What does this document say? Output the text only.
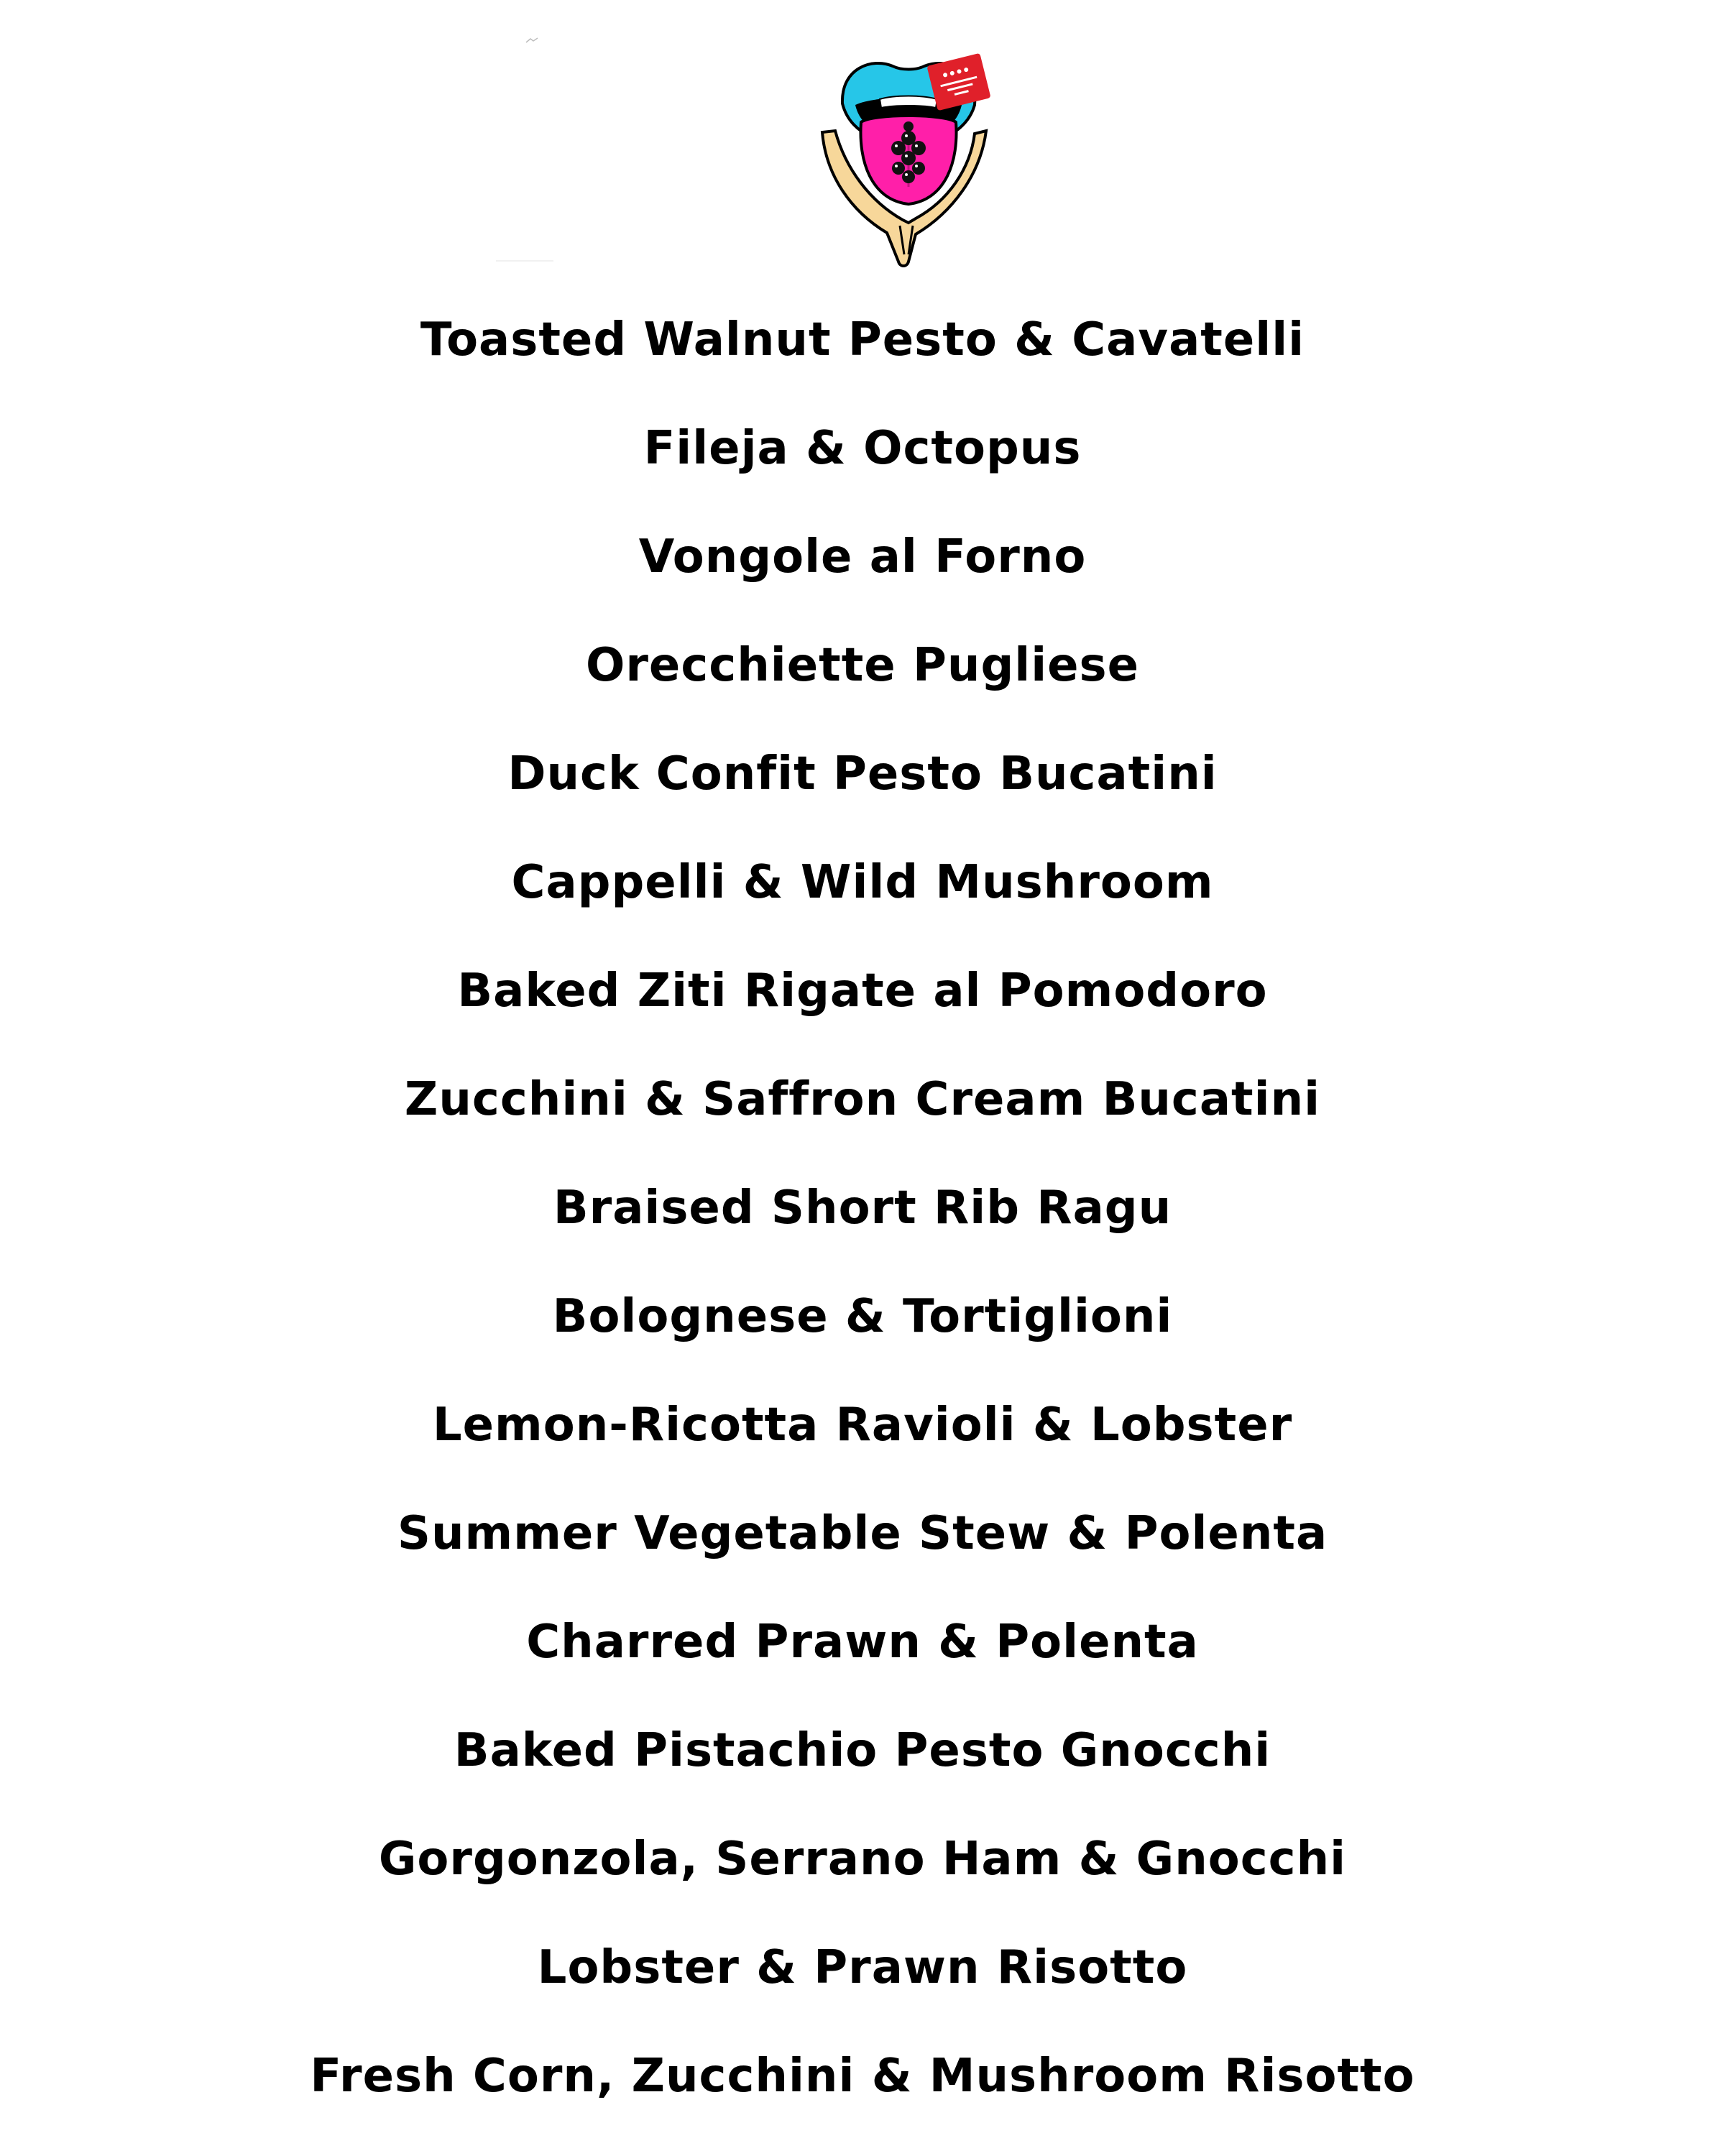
Toasted Walnut Pesto & Cavatelli
Fileja & Octopus
Vongole al Forno
Orecchiette Pugliese
Duck Confit Pesto Bucatini
Cappelli & Wild Mushroom
Baked Ziti Rigate al Pomodoro
Zucchini & Saffron Cream Bucatini
Braised Short Rib Ragu
Bolognese & Tortiglioni
Lemon-Ricotta Ravioli & Lobster
Summer Vegetable Stew & Polenta
Charred Prawn & Polenta
Baked Pistachio Pesto Gnocchi
Gorgonzola, Serrano Ham & Gnocchi
Lobster & Prawn Risotto
Fresh Corn, Zucchini & Mushroom Risotto
